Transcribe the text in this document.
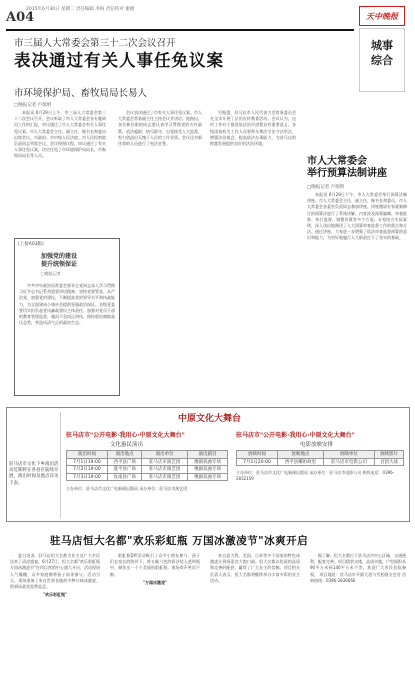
A04
2015年6月30日 星期二 责任编辑 李杨 责任校对 谢晓
市三届人大常委会第三十二次会议召开
表决通过有关人事任免议案
天中晚报
城事
综合
市环境保护局、畜牧局局长易人
□晚报记者 卢瑞明

本报讯 6月29日上午，市三届人大常委会第三十二次会议召开。会议听取了市人大常委会各专题询问工作的汇报，审议通过了市人大常委会有关人事任免议案。市人大常委会主任、副主任、秘书长和委员出席会议。市政府、市中级人民法院、市人民检察院负责同志列席会议。会议按照议程，审议通过了有关人事任免议案，决定任免了市环境保护局局长、市畜牧局局长等人员。

会议表决通过了市有关人事任免议案。市人大常委会常务副主任主持会议并讲话。他指出，各位新任职的同志要认真学习贯彻党的方针政策，依法履职，恪尽职守，自觉接受人大监督，努力创造出无愧于人民的工作业绩。会议还对新任命的人员进行了宪法宣誓。

另据悉，驻马店市人民代表大会常务委员会在全市开展了法治宣传教育活动。会议认为，这项工作对于推进依法治市进程具有重要意义。各级国家机关工作人员要带头尊法学法守法用法，增强法治观念，提高依法办事能力，为驻马店的跨越发展提供良好的法治环境。

市人大常委会
举行预算法制讲座
□晚报记者 卢瑞明

本报讯 6月29日下午，市人大常委会举行预算法制讲座。市人大常委会主任、副主任、秘书长和委员，市人大常委会各委室负责同志参加讲座。讲座邀请专家就新修订的预算法进行了系统讲解，内容涉及预算编制、审查批准、执行监督、调整决算等多个方面。专家结合实际案例，深入浅出地阐述了人大预算审查监督工作的重点和方法。通过讲座，大家进一步增强了依法审查监督预算的意识和能力，为更好地履行人大职责打下了坚实的基础。

(上接A03版)
加强党的建设
提升统领保证
□晚报记者

中共中央政治局常委会要求全党同志深入学习贯彻习近平总书记系列重要讲话精神，坚持党要管党、从严治党，加强党的建设，不断提高党的领导水平和执政能力，为全面建成小康社会提供坚强政治保证。各级党委要切实担负起党风廉政建设主体责任，加强对党员干部的教育管理监督，驰而不息纠正四风，保持惩治腐败高压态势，营造风清气正的政治生态。

驻马店市文化下乡演出活动近期将在各县区陆续开展，演出时间及地点详见下表。
中原文化大舞台
驻马店市"公开电影·我用心·中原文化大舞台"
文化惠民演出
演出时间	演出地点	演出单位	演出剧目
7月1日19:00	西平县广场	驻马店市演艺团	豫剧戏曲专场
7月2日19:00	遂平县广场	驻马店市演艺团	豫剧戏曲专场
7月3日19:00	汝南县广场	驻马店市演艺团	豫剧戏曲专场
主办单位：驻马店市文化广电新闻出版局 承办单位：驻马店市演艺团
驻马店市"公开电影·我用心·中原文化大舞台"
电影放映安排
放映时间	放映地点	放映单位	放映影片
7月1日20:00	西平县嫘祖故里	驻马店市电影公司	百团大战
主办单位：驻马店市文化广电新闻出版局 承办单位：驻马店市电影公司 热线电话：0396-2832159
驻马店恒大名都"欢乐彩虹瓶 万国冰激凌节"冰爽开启

夏日炎炎，驻马店恒大名都为业主及广大市民送来了清凉盛宴。6月27日，恒大名都"欢乐彩虹瓶 万国冰激凌节"在项目营销中心盛大开启，活动现场人气爆棚，众多家庭携带孩子前来参与。活动当天，现场准备了来自世界各地的多种口味冰激凌，供到场嘉宾免费品尝。

"欢乐彩虹瓶"

彩虹瓶DIY活动吸引了众多小朋友参与，孩子们在家长的陪伴下，将五颜六色的彩沙装入透明瓶中，制作出一个个美丽的彩虹瓶，现场欢声笑语不断。

"万国冰激凌"

来自意大利、美国、日本等多个国家的特色冰激凌让到场嘉宾大饱口福。恒大名都以优质的品质和完善的配套，赢得了广大业主的信赖。项目相关负责人表示，恒大名都将继续举办丰富多彩的业主活动。

据了解，恒大名都位于驻马店市中心区域，交通便利，配套完善。项目精装交楼，品质卓越，户型面积从90平方米到140平方米不等。欢迎广大市民莅临参观。 项目地址：驻马店市开源大道与雪松路交会处 咨询热线：0396-2836666
